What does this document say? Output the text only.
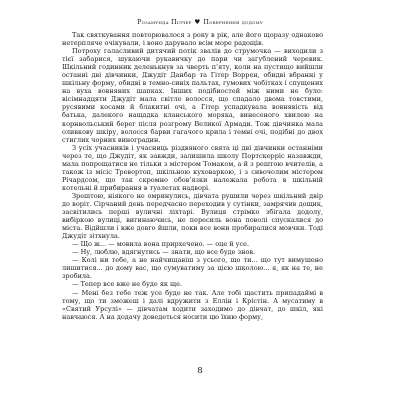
Розамунда Пілчер ♥ Повернення додому

Так святкування повторювалося з року в рік, але його щоразу однаково нетерпляче очікували, і воно дарувало всім море радощів.

Потроху галасливий дитячий потік звалів до струмочка — виходили з тієї забарися, шукаючи рукавичку до пари чи загублений черевик. Шкільний годинник деленькнув за чверть п’яту, коли на пустищо вийшли останні дві дівчинки, Джудіт Данбар та Гітер Воррен, обидві вбранні у шкільну форму, обидві в темно-синіх пальтах, гумових чобітках і спущених на вуха вовняних шапках. Інших подібностей між ними не було: вісімнадцяти Джудіт мала світле волосся, що спадало двома товстими, русявими косами й блакитні очі, а Гітер успадкувала вовнявість від батька, далекого нащадка кланського моряка, винесеного хвилею на корнвольський берег після розгрому Великої Армади. Тож дівчинка мала оливкову шкіру, волосся барви гагачого крила і темні очі, подібні до двох стиглих чорних виноградин.

З усіх учасників і учасниць різдвяного свята ці дві дівчинки останніми через те, що Джудіт, як завжди, залишила школу Портскерріс назавжди, мала попрощатися не тільки з містером Томаком, а й з рештою вчителів, а також із місіс Тревортоп, шкільною куховаркою, і з сивочолим містером Річардсом, що так скромно обов’язки належала робота в шкільній котельні й прибирання в туалетах надворі.

Зрештою, ніякого не омринулись, дівчата рушили через шкільний двір до воріт. Сірчаний день передчасно переходив у сутінки, замрячив дощик, засвітились перші вуличні ліхтарі. Вулиця стрімко збігала додолу, вибіркою вулиці, вигинаючись, не пересиль вона поволі спускалися до міста. Відйшли і вже довго йшли, поки все вони пробиралися мовчки. Тоді Джудіт зітхнула.

— Що ж... — мовила вона прирхечено. — оце й усе.

— Ну, люблю, вдягнутись — знати, що все буде знов.

— Колі ни тебе, а не найчищавіш з усього, що ти... що тут вимушено лишитися... до дому вас, що сумуватиму за цією школою... я, як на те, не зробила.

— Тепер все вже не буде як ще.

— Мені без тебе теж усе буде не так. Але тобі щастить припадаймі в тому, що ти зможеш і далі вдружити з Еллін і Крістін. А мусатиму в «Святий Урсулі» — дівчатам ходити заходимо до дівчат, до шкіл, які навчаюся. А на додачу доведеться носити цю їхню форму,

8
